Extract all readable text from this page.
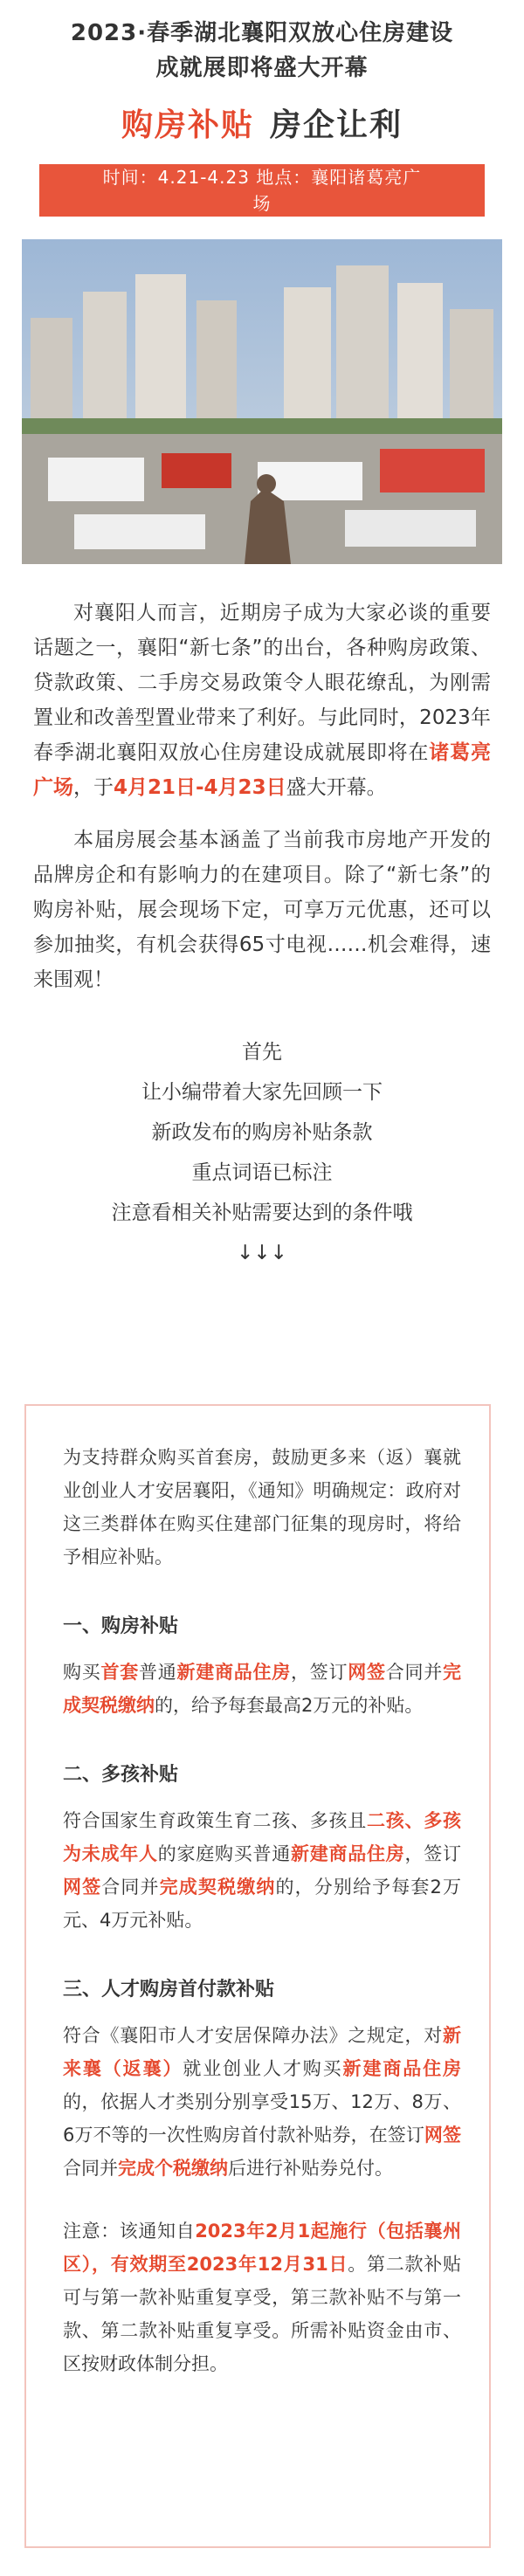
2023·春季湖北襄阳双放心住房建设
成就展即将盛大开幕
购房补贴 房企让利
时间：4.21-4.23 地点：襄阳诸葛亮广
场
对襄阳人而言，近期房子成为大家必谈的重要话题之一，襄阳“新七条”的出台，各种购房政策、贷款政策、二手房交易政策令人眼花缭乱，为刚需置业和改善型置业带来了利好。与此同时，2023年春季湖北襄阳双放心住房建设成就展即将在诸葛亮广场，于4月21日-4月23日盛大开幕。
本届房展会基本涵盖了当前我市房地产开发的品牌房企和有影响力的在建项目。除了“新七条”的购房补贴，展会现场下定，可享万元优惠，还可以参加抽奖，有机会获得65寸电视……机会难得，速来围观！
首先
让小编带着大家先回顾一下
新政发布的购房补贴条款
重点词语已标注
注意看相关补贴需要达到的条件哦
↓↓↓
为支持群众购买首套房，鼓励更多来（返）襄就业创业人才安居襄阳，《通知》明确规定：政府对这三类群体在购买住建部门征集的现房时，将给予相应补贴。
一、购房补贴
购买首套普通新建商品住房，签订网签合同并完成契税缴纳的，给予每套最高2万元的补贴。
二、多孩补贴
符合国家生育政策生育二孩、多孩且二孩、多孩为未成年人的家庭购买普通新建商品住房，签订网签合同并完成契税缴纳的，分别给予每套2万元、4万元补贴。
三、人才购房首付款补贴
符合《襄阳市人才安居保障办法》之规定，对新来襄（返襄）就业创业人才购买新建商品住房的，依据人才类别分别享受15万、12万、8万、6万不等的一次性购房首付款补贴券，在签订网签合同并完成个税缴纳后进行补贴券兑付。
注意：该通知自2023年2月1起施行（包括襄州区），有效期至2023年12月31日。第二款补贴可与第一款补贴重复享受，第三款补贴不与第一款、第二款补贴重复享受。所需补贴资金由市、区按财政体制分担。
